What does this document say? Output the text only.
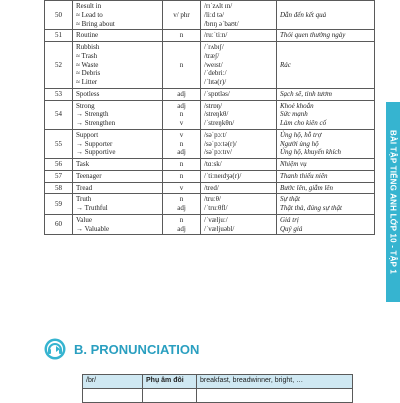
50	Result in
≈ Lead to
≈ Bring about	v/ phr	/rɪˈzʌlt ɪn/
/liːd tə/
/brɪŋ əˈbaʊt/	Dẫn đến kết quả

51	Routine	n	/ruːˈtiːn/	Thói quen thường ngày

52	Rubbish
≈ Trash
≈ Waste
≈ Debris
≈ Litter	n	/ˈrʌbɪʃ/
/træʃ/
/weɪst/
/ˈdebriː/
/ˈlɪtə(r)/	Rác

53	Spotless	adj	/ˈspɒtləs/	Sạch sẽ, tinh tươm

54	Strong
→ Strength
→ Strengthen	adj
n
v	/strɒŋ/
/streŋkθ/
/ˈstreŋkθn/	Khoẻ khoắn
Sức mạnh
Làm cho kiên cố

55	Support
→ Supporter
→ Supportive	v
n
adj	/səˈpɔːt/
/səˈpɔːtə(r)/
/səˈpɔːtɪv/	Ủng hộ, hỗ trợ
Người ủng hộ
Ủng hộ, khuyến khích

56	Task	n	/tɑːsk/	Nhiệm vụ

57	Teenager	n	/ˈtiːneɪdʒə(r)/	Thanh thiếu niên

58	Tread	v	/tred/	Bước lên, giẫm lên

59	Truth
→ Truthful	n
adj	/truːθ/
/ˈtruːθfl/	Sự thật
Thật thà, đúng sự thật

60	Value
→ Valuable	n
adj	/ˈvæljuː/
/ˈvæljuəbl/	Giá trị
Quý giá	BÀI TẬP TIẾNG ANH LỚP 10 - TẬP 1
B. PRONUNCIATION
/br/	Phụ âm đôi	breakfast, breadwinner, bright, …
